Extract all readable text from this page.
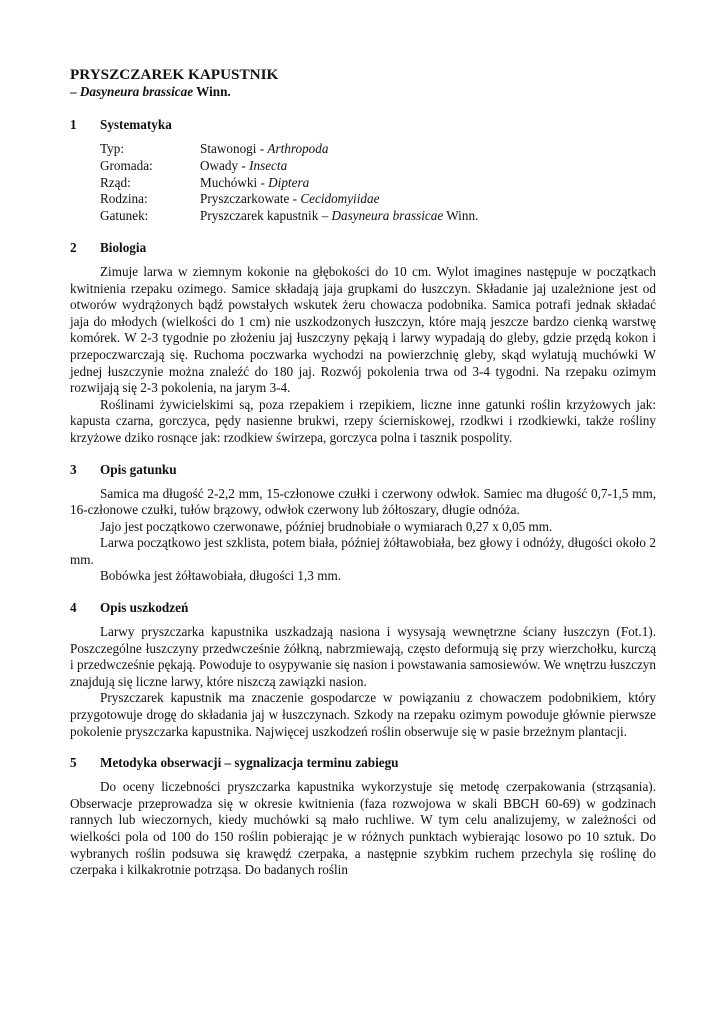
PRYSZCZAREK KAPUSTNIK
– Dasyneura brassicae Winn.
1	Systematyka
Typ:	Stawonogi - Arthropoda
Gromada:	Owady - Insecta
Rząd:	Muchówki - Diptera
Rodzina:	Pryszczarkowate - Cecidomyiidae
Gatunek:	Pryszczarek kapustnik – Dasyneura brassicae Winn.
2	Biologia

Zimuje larwa w ziemnym kokonie na głębokości do 10 cm. Wylot imagines następuje w początkach kwitnienia rzepaku ozimego. Samice składają jaja grupkami do łuszczyn. Składanie jaj uzależnione jest od otworów wydrążonych bądź powstałych wskutek żeru chowacza podobnika. Samica potrafi jednak składać jaja do młodych (wielkości do 1 cm) nie uszkodzonych łuszczyn, które mają jeszcze bardzo cienką warstwę komórek. W 2-3 tygodnie po złożeniu jaj łuszczyny pękają i larwy wypadają do gleby, gdzie przędą kokon i przepoczwarczają się. Ruchoma poczwarka wychodzi na powierzchnię gleby, skąd wylatują muchówki W jednej łuszczynie można znaleźć do 180 jaj. Rozwój pokolenia trwa od 3-4 tygodni. Na rzepaku ozimym rozwijają się 2-3 pokolenia, na jarym 3-4.

Roślinami żywicielskimi są, poza rzepakiem i rzepikiem, liczne inne gatunki roślin krzyżowych jak: kapusta czarna, gorczyca, pędy nasienne brukwi, rzepy ścierniskowej, rzodkwi i rzodkiewki, także rośliny krzyżowe dziko rosnące jak: rzodkiew świrzepa, gorczyca polna i tasznik pospolity.

3	Opis gatunku

Samica ma długość 2-2,2 mm, 15-członowe czułki i czerwony odwłok. Samiec ma długość 0,7-1,5 mm, 16-członowe czułki, tułów brązowy, odwłok czerwony lub żółtoszary, długie odnóża.

Jajo jest początkowo czerwonawe, później brudnobiałe o wymiarach 0,27 x 0,05 mm.

Larwa początkowo jest szklista, potem biała, później żółtawobiała, bez głowy i odnóży, długości około 2 mm.

Bobówka jest żółtawobiała, długości 1,3 mm.

4	Opis uszkodzeń

Larwy pryszczarka kapustnika uszkadzają nasiona i wysysają wewnętrzne ściany łuszczyn (Fot.1). Poszczególne łuszczyny przedwcześnie żółkną, nabrzmiewają, często deformują się przy wierzchołku, kurczą i przedwcześnie pękają. Powoduje to osypywanie się nasion i powstawania samosiewów. We wnętrzu łuszczyn znajdują się liczne larwy, które niszczą zawiązki nasion.

Pryszczarek kapustnik ma znaczenie gospodarcze w powiązaniu z chowaczem podobnikiem, który przygotowuje drogę do składania jaj w łuszczynach. Szkody na rzepaku ozimym powoduje głównie pierwsze pokolenie pryszczarka kapustnika. Najwięcej uszkodzeń roślin obserwuje się w pasie brzeżnym plantacji.

5	Metodyka obserwacji – sygnalizacja terminu zabiegu

Do oceny liczebności pryszczarka kapustnika wykorzystuje się metodę czerpakowania (strząsania). Obserwacje przeprowadza się w okresie kwitnienia (faza rozwojowa w skali BBCH 60-69) w godzinach rannych lub wieczornych, kiedy muchówki są mało ruchliwe. W tym celu analizujemy, w zależności od wielkości pola od 100 do 150 roślin pobierając je w różnych punktach wybierając losowo po 10 sztuk. Do wybranych roślin podsuwa się krawędź czerpaka, a następnie szybkim ruchem przechyla się roślinę do czerpaka i kilkakrotnie potrząsa. Do badanych roślin
